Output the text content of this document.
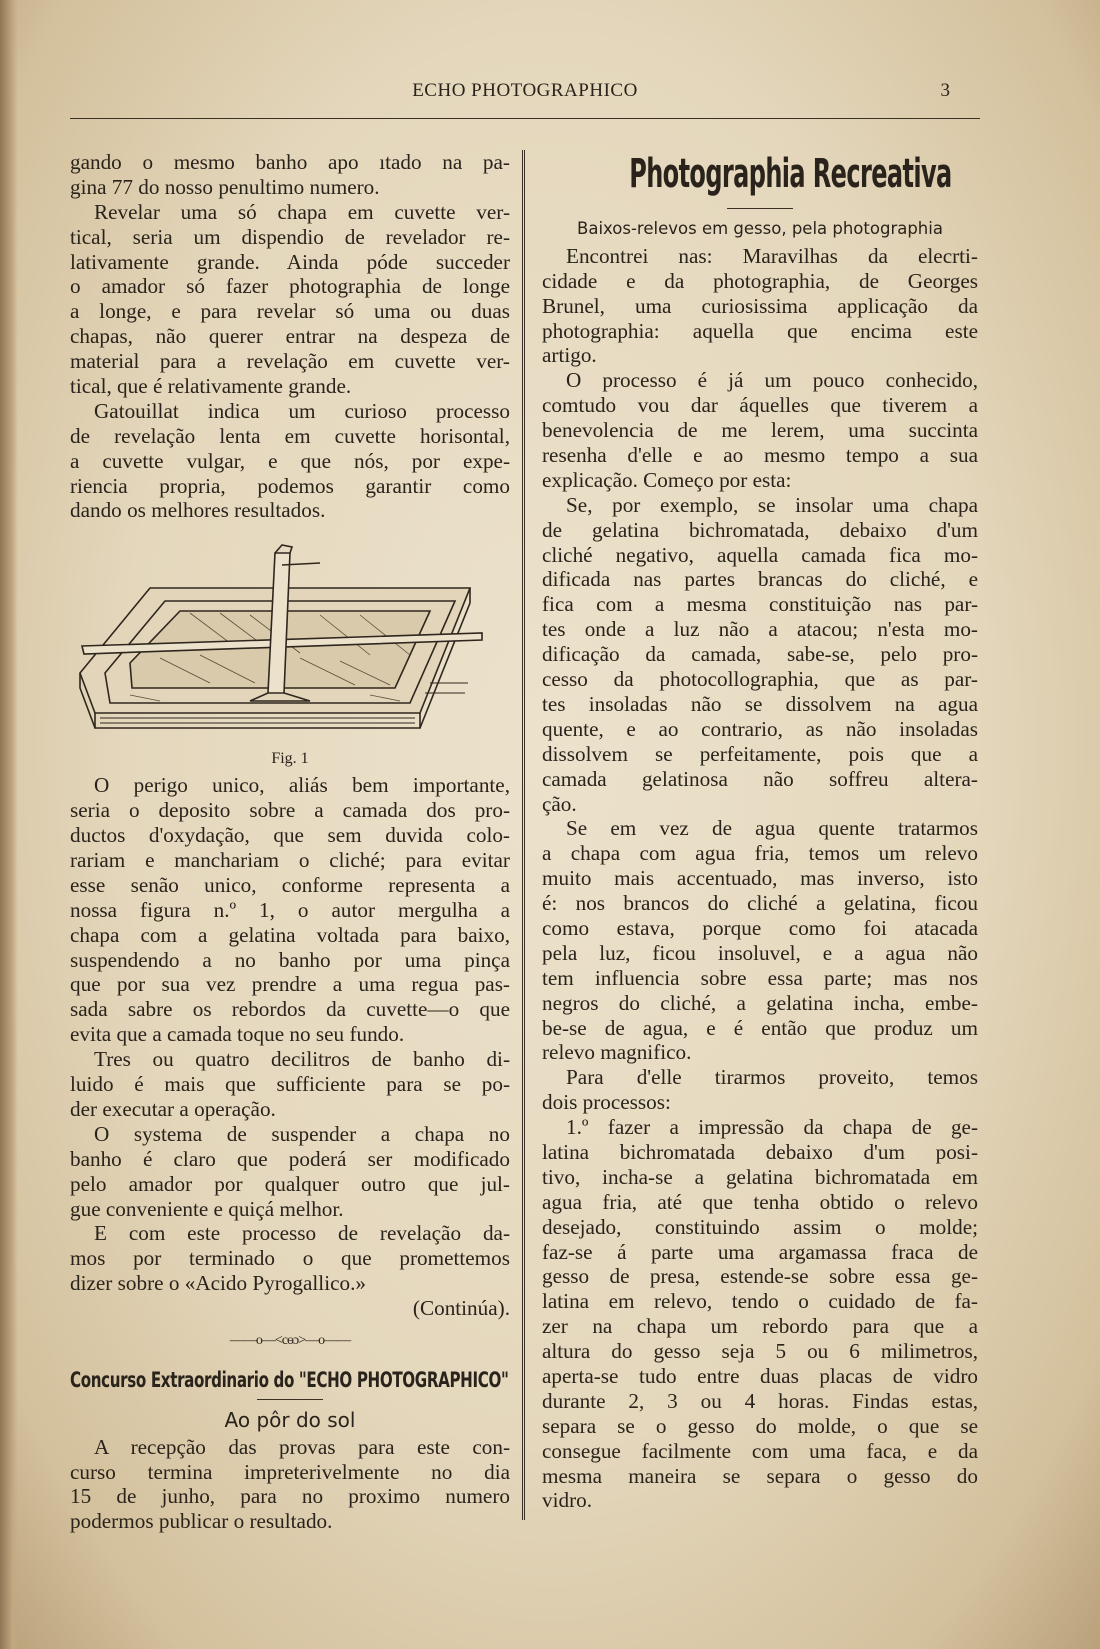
ECHO PHOTOGRAPHICO	3
gando o mesmo banho apo ıtado na pa-
gina 77 do nosso penultimo numero.
Revelar uma só chapa em cuvette ver-
tical, seria um dispendio de revelador re-
lativamente grande. Ainda póde succeder
o amador só fazer photographia de longe
a longe, e para revelar só uma ou duas
chapas, não querer entrar na despeza de
material para a revelação em cuvette ver-
tical, que é relativamente grande.
Gatouillat indica um curioso processo
de revelação lenta em cuvette horisontal,
a cuvette vulgar, e que nós, por expe-
riencia propria, podemos garantir como
dando os melhores resultados.
Fig. 1
O perigo unico, aliás bem importante,
seria o deposito sobre a camada dos pro-
ductos d'oxydação, que sem duvida colo-
rariam e manchariam o cliché; para evitar
esse senão unico, conforme representa a
nossa figura n.º 1, o autor mergulha a
chapa com a gelatina voltada para baixo,
suspendendo a no banho por uma pinça
que por sua vez prendre a uma regua pas-
sada sabre os rebordos da cuvette—o que
evita que a camada toque no seu fundo.
Tres ou quatro decilitros de banho di-
luido é mais que sufficiente para se po-
der executar a operação.
O systema de suspender a chapa no
banho é claro que poderá ser modificado
pelo amador por qualquer outro que jul-
gue conveniente e quiçá melhor.
E com este processo de revelação da-
mos por terminado o que promettemos
dizer sobre o «Acido Pyrogallico.»
(Continúa).
——o—<cɵɔ>—o——
Concurso Extraordinario do "ECHO PHOTOGRAPHICO"
Ao pôr do sol
A recepção das provas para este con-
curso termina impreterivelmente no dia
15 de junho, para no proximo numero
podermos publicar o resultado.
Photographia Recreativa
Baixos-relevos em gesso, pela photographia
Encontrei nas: Maravilhas da elecrti-
cidade e da photographia, de Georges
Brunel, uma curiosissima applicação da
photographia: aquella que encima este
artigo.
O processo é já um pouco conhecido,
comtudo vou dar áquelles que tiverem a
benevolencia de me lerem, uma succinta
resenha d'elle e ao mesmo tempo a sua
explicação. Começo por esta:
Se, por exemplo, se insolar uma chapa
de gelatina bichromatada, debaixo d'um
cliché negativo, aquella camada fica mo-
dificada nas partes brancas do cliché, e
fica com a mesma constituição nas par-
tes onde a luz não a atacou; n'esta mo-
dificação da camada, sabe-se, pelo pro-
cesso da photocollographia, que as par-
tes insoladas não se dissolvem na agua
quente, e ao contrario, as não insoladas
dissolvem se perfeitamente, pois que a
camada gelatinosa não soffreu altera-
ção.
Se em vez de agua quente tratarmos
a chapa com agua fria, temos um relevo
muito mais accentuado, mas inverso, isto
é: nos brancos do cliché a gelatina, ficou
como estava, porque como foi atacada
pela luz, ficou insoluvel, e a agua não
tem influencia sobre essa parte; mas nos
negros do cliché, a gelatina incha, embe-
be-se de agua, e é então que produz um
relevo magnifico.
Para d'elle tirarmos proveito, temos
dois processos:
1.º fazer a impressão da chapa de ge-
latina bichromatada debaixo d'um posi-
tivo, incha-se a gelatina bichromatada em
agua fria, até que tenha obtido o relevo
desejado, constituindo assim o molde;
faz-se á parte uma argamassa fraca de
gesso de presa, estende-se sobre essa ge-
latina em relevo, tendo o cuidado de fa-
zer na chapa um rebordo para que a
altura do gesso seja 5 ou 6 milimetros,
aperta-se tudo entre duas placas de vidro
durante 2, 3 ou 4 horas. Findas estas,
separa se o gesso do molde, o que se
consegue facilmente com uma faca, e da
mesma maneira se separa o gesso do
vidro.
